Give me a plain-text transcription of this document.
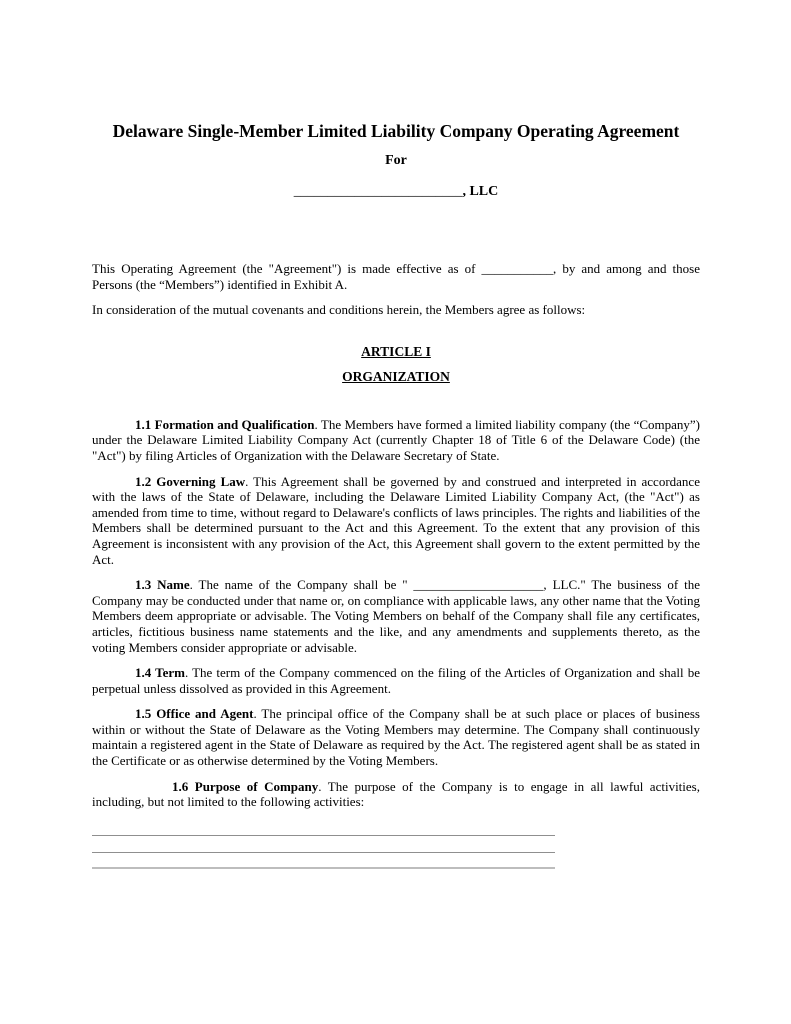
Delaware Single-Member Limited Liability Company Operating Agreement
For
_________________________, LLC

This Operating Agreement (the "Agreement") is made effective as of ___________, by and among and those Persons (the “Members”) identified in Exhibit A.

In consideration of the mutual covenants and conditions herein, the Members agree as follows:

ARTICLE I
ORGANIZATION

1.1 Formation and Qualification. The Members have formed a limited liability company (the “Company”) under the Delaware Limited Liability Company Act (currently Chapter 18 of Title 6 of the Delaware Code) (the "Act") by filing Articles of Organization with the Delaware Secretary of State.

1.2 Governing Law. This Agreement shall be governed by and construed and interpreted in accordance with the laws of the State of Delaware, including the Delaware Limited Liability Company Act, (the "Act") as amended from time to time, without regard to Delaware's conflicts of laws principles. The rights and liabilities of the Members shall be determined pursuant to the Act and this Agreement. To the extent that any provision of this Agreement is inconsistent with any provision of the Act, this Agreement shall govern to the extent permitted by the Act.

1.3 Name. The name of the Company shall be " ____________________, LLC." The business of the Company may be conducted under that name or, on compliance with applicable laws, any other name that the Voting Members deem appropriate or advisable. The Voting Members on behalf of the Company shall file any certificates, articles, fictitious business name statements and the like, and any amendments and supplements thereto, as the voting Members consider appropriate or advisable.

1.4 Term. The term of the Company commenced on the filing of the Articles of Organization and shall be perpetual unless dissolved as provided in this Agreement.

1.5 Office and Agent. The principal office of the Company shall be at such place or places of business within or without the State of Delaware as the Voting Members may determine. The Company shall continuously maintain a registered agent in the State of Delaware as required by the Act. The registered agent shall be as stated in the Certificate or as otherwise determined by the Voting Members.

1.6 Purpose of Company. The purpose of the Company is to engage in all lawful activities, including, but not limited to the following activities:
